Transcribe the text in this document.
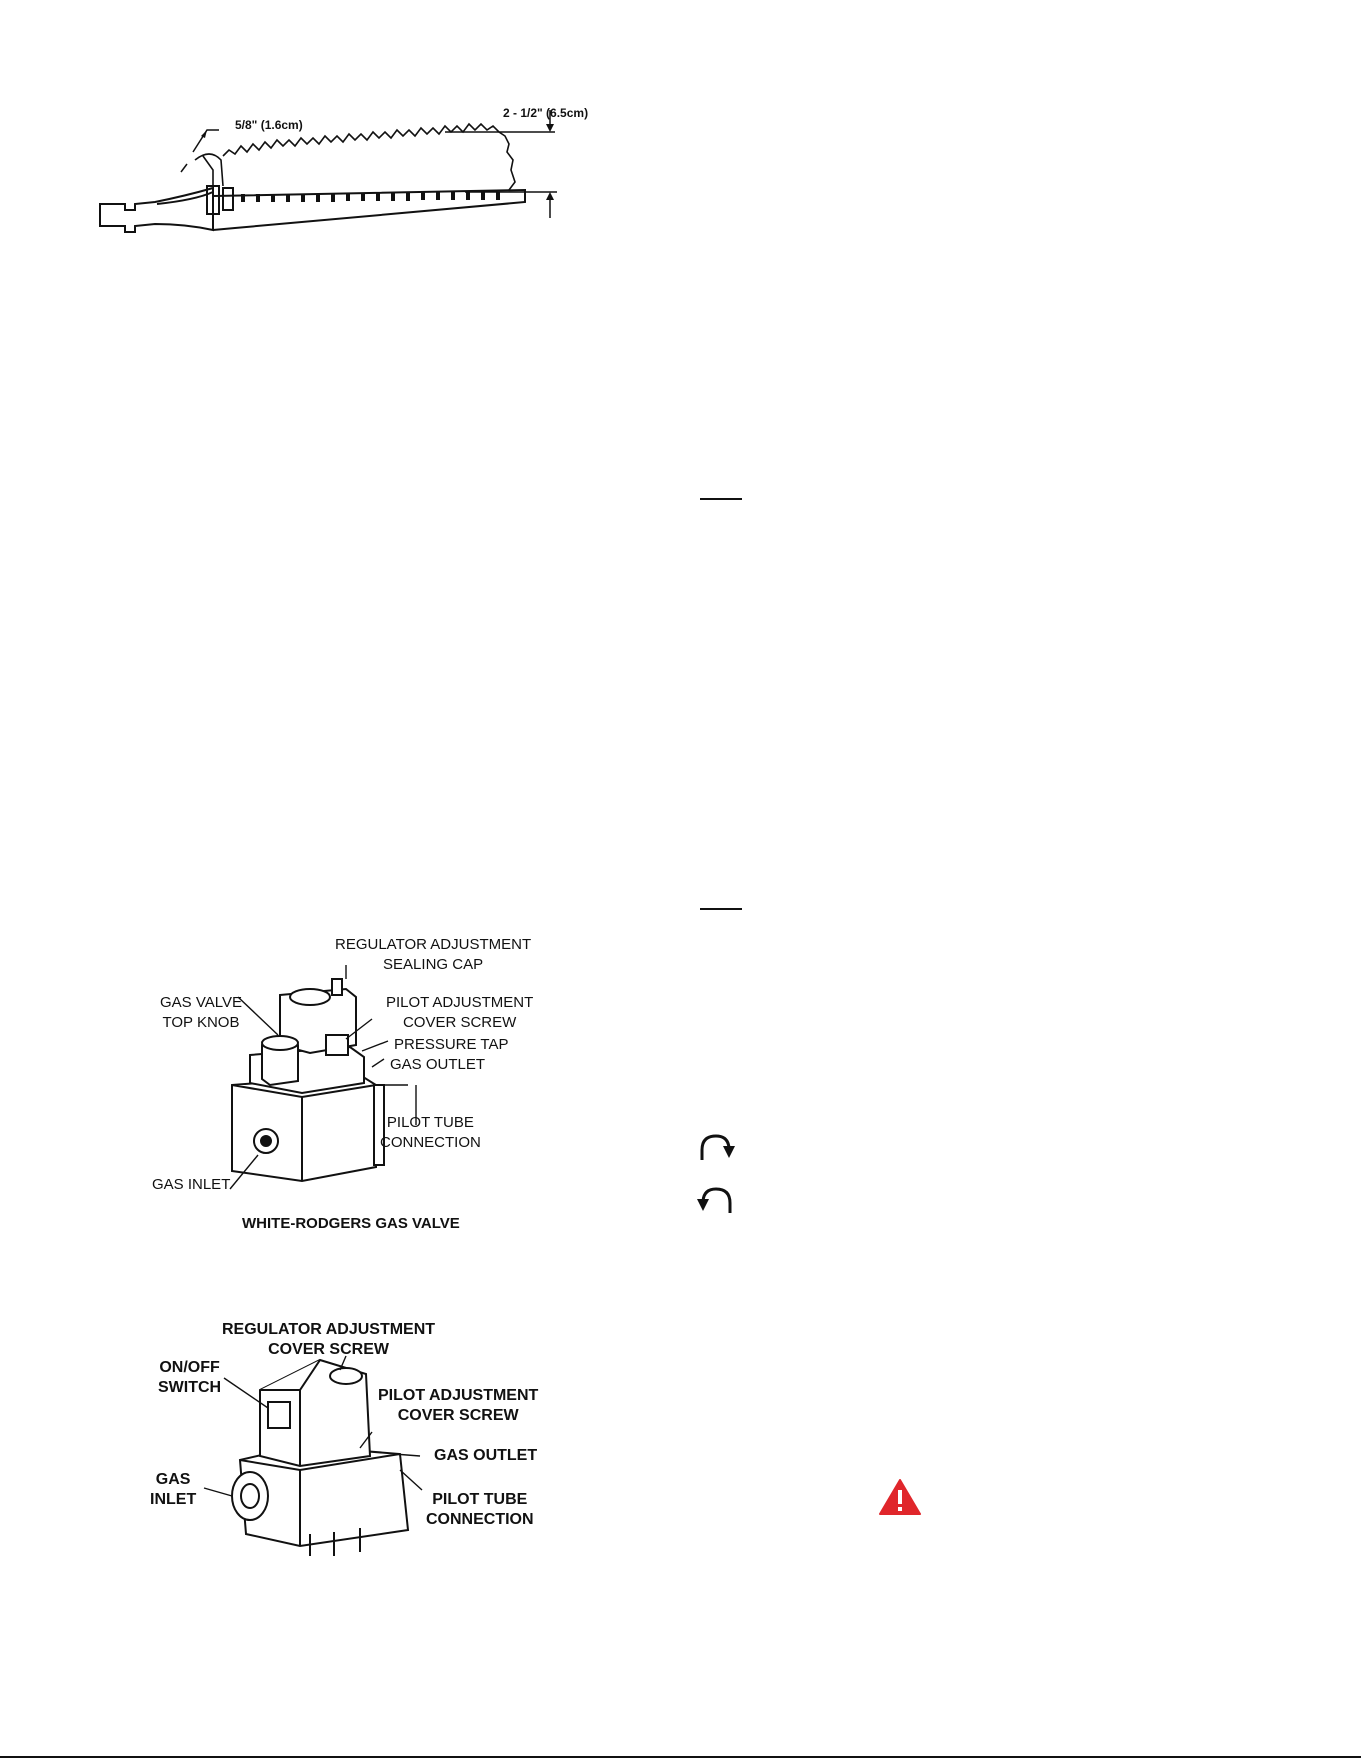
5/8" (1.6cm)
2 - 1/2" (6.5cm)
REGULATOR ADJUSTMENT
SEALING CAP
GAS VALVE
TOP KNOB
PILOT ADJUSTMENT
COVER SCREW
PRESSURE TAP
GAS OUTLET
PILOT TUBE
CONNECTION
GAS INLET
WHITE-RODGERS GAS VALVE
REGULATOR ADJUSTMENT
COVER SCREW
ON/OFF
SWITCH	PILOT ADJUSTMENT
COVER SCREW
GAS OUTLET
PILOT TUBE
CONNECTION
GAS
INLET
